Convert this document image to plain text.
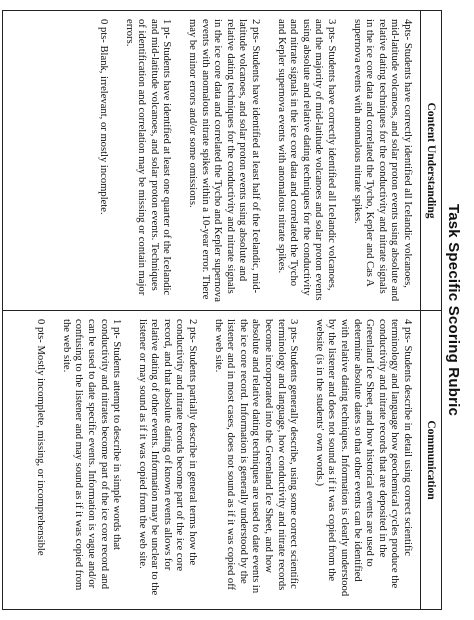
Task Specific Scoring Rubric
Content Understanding

4pts- Students have correctly identified all Icelandic volcanoes, mid-latitude volcanoes, and solar proton events using absolute and relative dating techniques for the conductivity and nitrate signals in the ice core data and correlated the Tycho, Kepler and Cas A supernova events with anomalous nitrate spikes.

3 pts- Students have correctly identified all Icelandic volcanoes, and the majority of mid-latitude volcanoes and solar proton events using absolute and relative dating techniques for the conductivity and nitrate signals in the ice core data and correlated the Tycho and Kepler supernova events with anomalous nitrate spikes.

2 pts- Students have identified at least half of the Icelandic, mid-latitude volcanoes, and solar proton events using absolute and relative dating techniques for the conductivity and nitrate signals in the ice core data and correlated the Tycho and Kepler supernova events with anomalous nitrate spikes within a 10-year error. There may be minor errors and/or some omissions.

1 pt- Students have identified at least one quarter of the Icelandic and mid-latitude volcanoes, and solar proton events. Techniques of identification and correlation may be missing or contain major errors.

0 pts- Blank, irrelevant, or mostly incomplete.

Communication

4 pts- Students describe in detail using correct scientific terminology and language how geochemical cycles produce the conductivity and nitrate records that are deposited in the Greenland Ice Sheet, and how historical events are used to determine absolute dates so that other events can be identified with relative dating techniques. Information is clearly understood by the listener and does not sound as if it was copied from the website (is in the students' own words.)

3 pts- Students generally describe, using some correct scientific terminology and language, how conductivity and nitrate records become incorporated into the Greenland Ice Sheet, and how absolute and relative dating techniques are used to date events in the ice core record. Information is generally understood by the listener and in most cases, does not sound as if it was copied off the web site.

2 pts- Students partially describe in general terms how the conductivity and nitrate records become part of the ice core record, and that absolute dating of known events allows for relative dating of other events. Information may be unclear to the listener or may sound as if it was copied from the web site.

1 pt- Students attempt to describe in simple words that conductivity and nitrates become part of the ice core record and can be used to date specific events. Information is vague and/or confusing to the listener and may sound as if it was copied from the web site.

0 pts- Mostly incomplete, missing, or incomprehensible
